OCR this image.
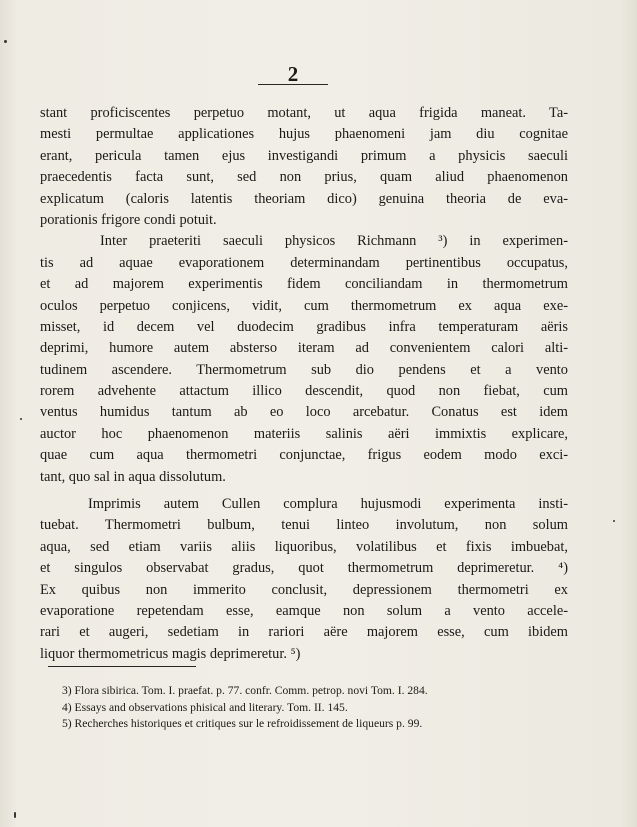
2
stant proficiscentes perpetuo motant, ut aqua frigida maneat. Ta-
mesti permultae applicationes hujus phaenomeni jam diu cognitae
erant, pericula tamen ejus investigandi primum a physicis saeculi
praecedentis facta sunt, sed non prius, quam aliud phaenomenon
explicatum (caloris latentis theoriam dico) genuina theoria de eva-
porationis frigore condi potuit.
Inter praeteriti saeculi physicos Richmann ³) in experimen-
tis ad aquae evaporationem determinandam pertinentibus occupatus,
et ad majorem experimentis fidem conciliandam in thermometrum
oculos perpetuo conjicens, vidit, cum thermometrum ex aqua exe-
misset, id decem vel duodecim gradibus infra temperaturam aëris
deprimi, humore autem absterso iteram ad convenientem calori alti-
tudinem ascendere. Thermometrum sub dio pendens et a vento
rorem advehente attactum illico descendit, quod non fiebat, cum
ventus humidus tantum ab eo loco arcebatur. Conatus est idem
auctor hoc phaenomenon materiis salinis aëri immixtis explicare,
quae cum aqua thermometri conjunctae, frigus eodem modo exci-
tant, quo sal in aqua dissolutum.
Imprimis autem Cullen complura hujusmodi experimenta insti-
tuebat. Thermometri bulbum, tenui linteo involutum, non solum
aqua, sed etiam variis aliis liquoribus, volatilibus et fixis imbuebat,
et singulos observabat gradus, quot thermometrum deprimeretur. ⁴)
Ex quibus non immerito conclusit, depressionem thermometri ex
evaporatione repetendam esse, eamque non solum a vento accele-
rari et augeri, sedetiam in rariori aëre majorem esse, cum ibidem
liquor thermometricus magis deprimeretur. ⁵)
3) Flora sibirica. Tom. I. praefat. p. 77. confr. Comm. petrop. novi Tom. I. 284.
4) Essays and observations phisical and literary. Tom. II. 145.
5) Recherches historiques et critiques sur le refroidissement de liqueurs p. 99.
